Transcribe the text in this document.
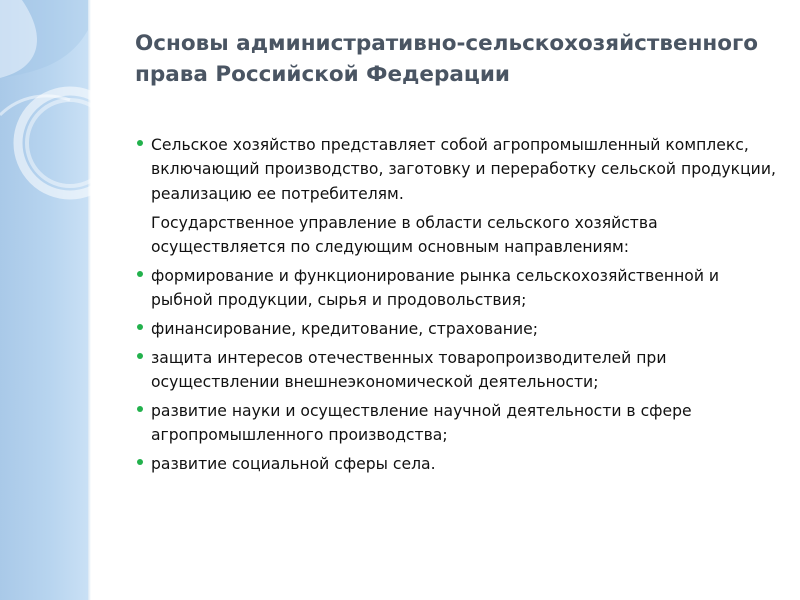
Основы административно-сельскохозяйственного права Российской Федерации
Сельское хозяйство представляет собой агропромышленный комплекс, включающий производство, заготовку и переработку сельской продукции, реализацию ее потребителям.
Государственное управление в области сельского хозяйства осуществляется по следующим основным направлениям:
формирование и функционирование рынка сельскохозяйственной и рыбной продукции, сырья и продовольствия;
финансирование, кредитование, страхование;
защита интересов отечественных товаропроизводителей при осуществлении внешнеэкономической деятельности;
развитие науки и осуществление научной деятельности в сфере агропромышленного производства;
развитие социальной сферы села.
